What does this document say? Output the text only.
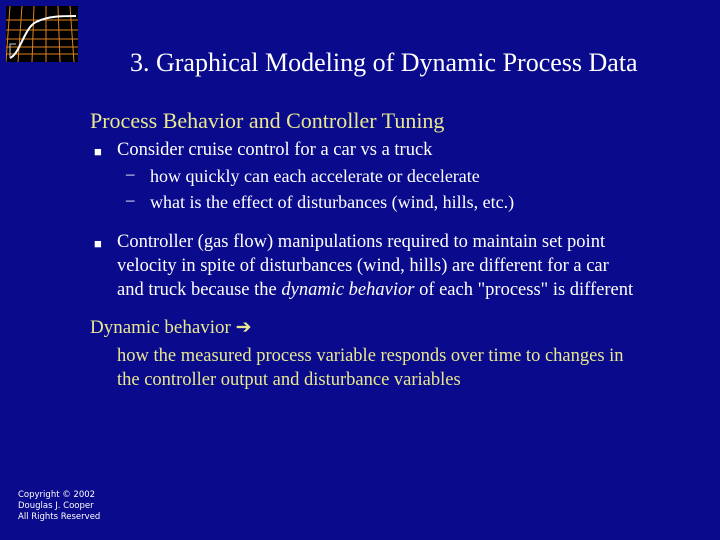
3. Graphical Modeling of Dynamic Process Data
Process Behavior and Controller Tuning
■ Consider cruise control for a car vs a truck
– how quickly can each accelerate or decelerate
– what is the effect of disturbances (wind, hills, etc.)
■ Controller (gas flow) manipulations required to maintain set point
velocity in spite of disturbances (wind, hills) are different for a car
and truck because the dynamic behavior of each "process" is different
Dynamic behavior ➔
how the measured process variable responds over time to changes in
the controller output and disturbance variables
Copyright © 2002
Douglas J. Cooper
All Rights Reserved
